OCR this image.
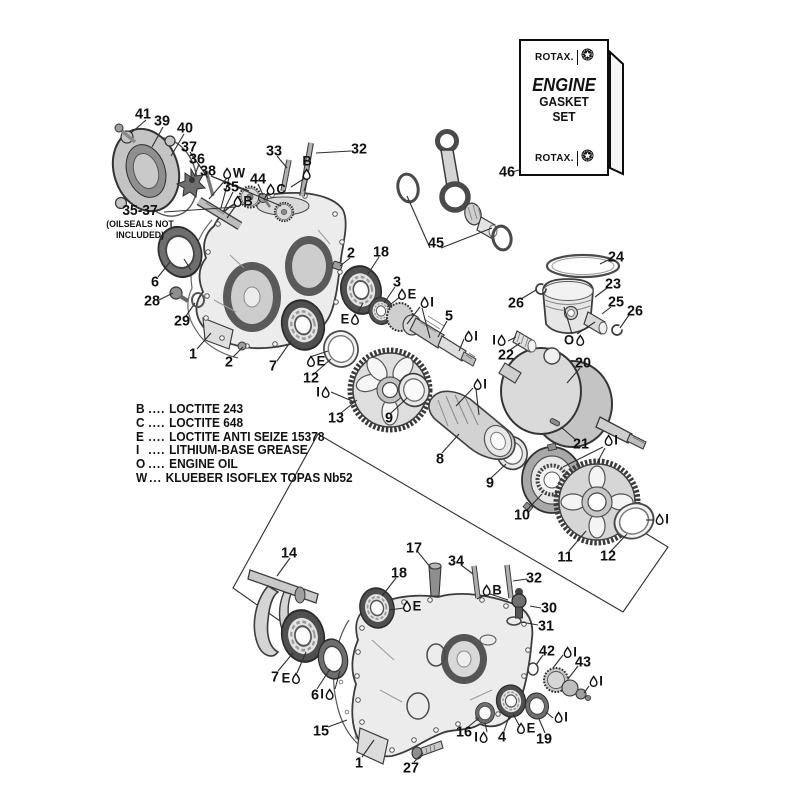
ROTAX.
ENGINE
GASKET
SET
ROTAX.
35-37
(OILSEALS NOT
INCLUDED)
B .... LOCTITE 243
C .... LOCTITE 648
E .... LOCTITE ANTI SEIZE 15378
I .... LITHIUM-BASE GREASE
O .... ENGINE OIL
W ... KLUEBER ISOFLEX TOPAS Nb52
41 39 40
37
36
38
35 44
33	32
45
46
2 18
3
5
6
28
29
1 2 7
12
13	9
8
9
10
11 12
21
24
23
26	25
26
22	20
14	17
18
34
32
30
31
42
43
7
6
16 4 19
15
1	27
W
B
C
B
E
E
I
I
E
I
I
I
I
I	O
E
E
I
B
I
I
I
E
I
